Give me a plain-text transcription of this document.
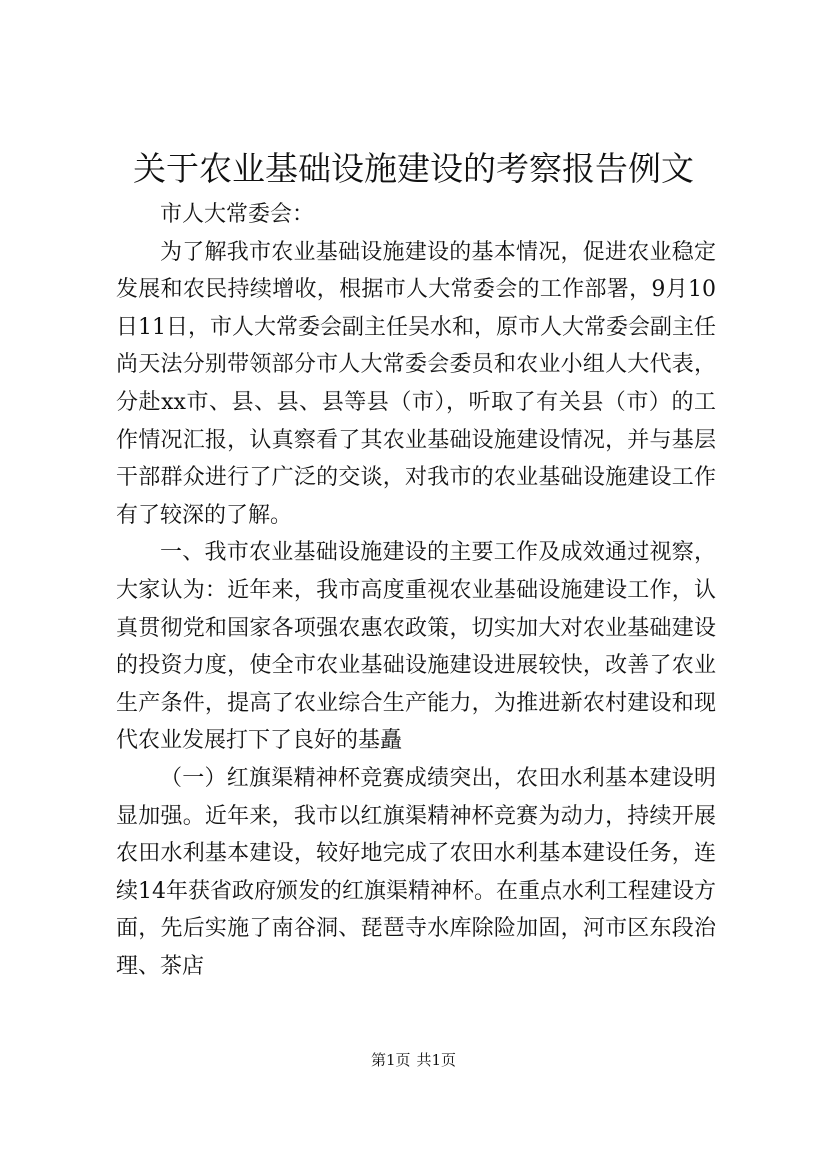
关于农业基础设施建设的考察报告例文

市人大常委会：

为了解我市农业基础设施建设的基本情况，促进农业稳定发展和农民持续增收，根据市人大常委会的工作部署，9月10日11日，市人大常委会副主任吴水和，原市人大常委会副主任尚天法分别带领部分市人大常委会委员和农业小组人大代表，分赴xx市、县、县、县等县（市），听取了有关县（市）的工作情况汇报，认真察看了其农业基础设施建设情况，并与基层干部群众进行了广泛的交谈，对我市的农业基础设施建设工作有了较深的了解。

一、我市农业基础设施建设的主要工作及成效通过视察，大家认为：近年来，我市高度重视农业基础设施建设工作，认真贯彻党和国家各项强农惠农政策，切实加大对农业基础建设的投资力度，使全市农业基础设施建设进展较快，改善了农业生产条件，提高了农业综合生产能力，为推进新农村建设和现代农业发展打下了良好的基矗

（一）红旗渠精神杯竞赛成绩突出，农田水利基本建设明显加强。近年来，我市以红旗渠精神杯竞赛为动力，持续开展农田水利基本建设，较好地完成了农田水利基本建设任务，连续14年获省政府颁发的红旗渠精神杯。在重点水利工程建设方面，先后实施了南谷洞、琵琶寺水库除险加固，河市区东段治理、茶店

第1页 共1页
